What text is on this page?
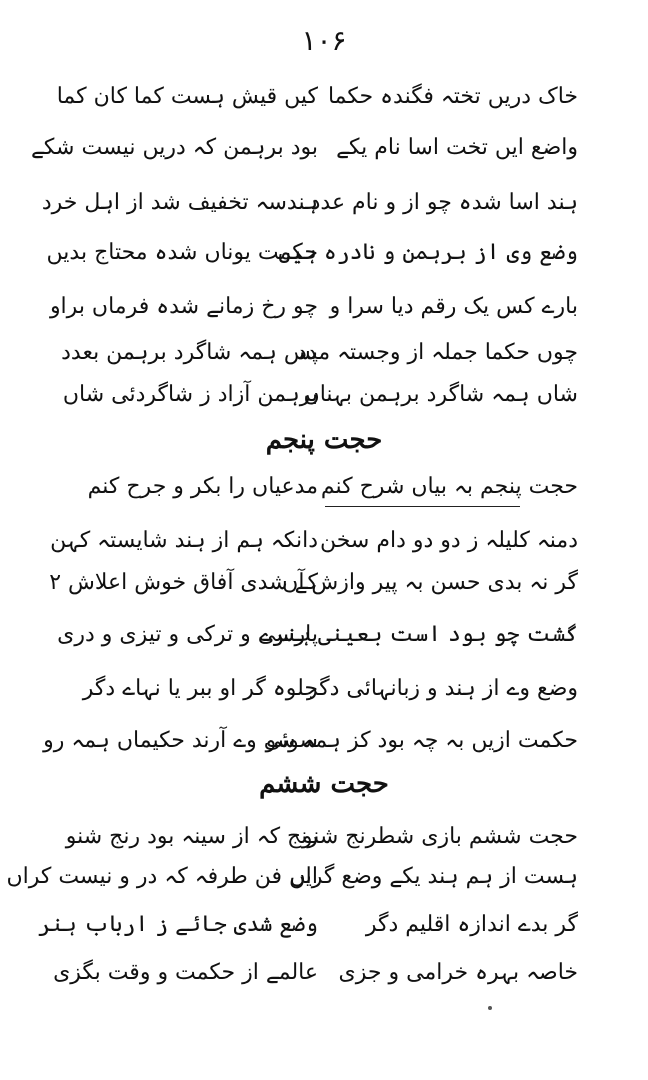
۱۰۶
خاک دریں تختہ فگندہ حکما
کیں قیش ہست کما کان کما
واضع ایں تخت اسا نام یکے
بود برہمن کہ دریں نیست شکے
ہند اسا شدہ چو از و نام عدد
ہندسہ تخفیف شد از اہل خرد
وضع وی از برہمن و نادرہ ہیں
حکمت یوناں شدہ محتاج بدیں
بارے کس یک رقم دیا سرا و
چو رخ زمانے شدہ فرماں براو
چوں حکما جملہ از وجستہ مدد
پس ہمہ شاگرد برہمن بعدد
شاں ہمہ شاگرد برہمن بہناں
برہمن آزاد ز شاگردئی شاں
حجت پنجم
حجت پنجم بہ بیاں شرح کنم
مدعیاں را بکر و جرح کنم
دمنہ کلیلہ ز دو دو دام سخن
دانکہ ہم از ہند شایستہ کہن
گر نہ بدی حسن بہ پیر وازش آں
کے شدی آفاق خوش اعلاش ۲
گشت چو بود است بعینی ہنرے
پارسی و ترکی و تیزی و دری
وضع وے از ہند و زبانہائی دگر
جلوہ گر او ببر یا نہاے دگر
حکمت ازیں بہ چہ بود کز ہمہ سو
سوئی وے آرند حکیماں ہمہ رو
حجت ششم
حجت ششم بازی شطرنج شنو
رنج کہ از سینہ بود رنج شنو
ہست از ہم ہند یکے وضع گراں
ایں فن طرفہ کہ در و نیست کراں
گر بدے اندازہ اقلیم دگر
وضع شدی جائے ز ارباب ہنر
خاصہ بہرہ خرامی و جزی
عالمے از حکمت و وقت بگزی
